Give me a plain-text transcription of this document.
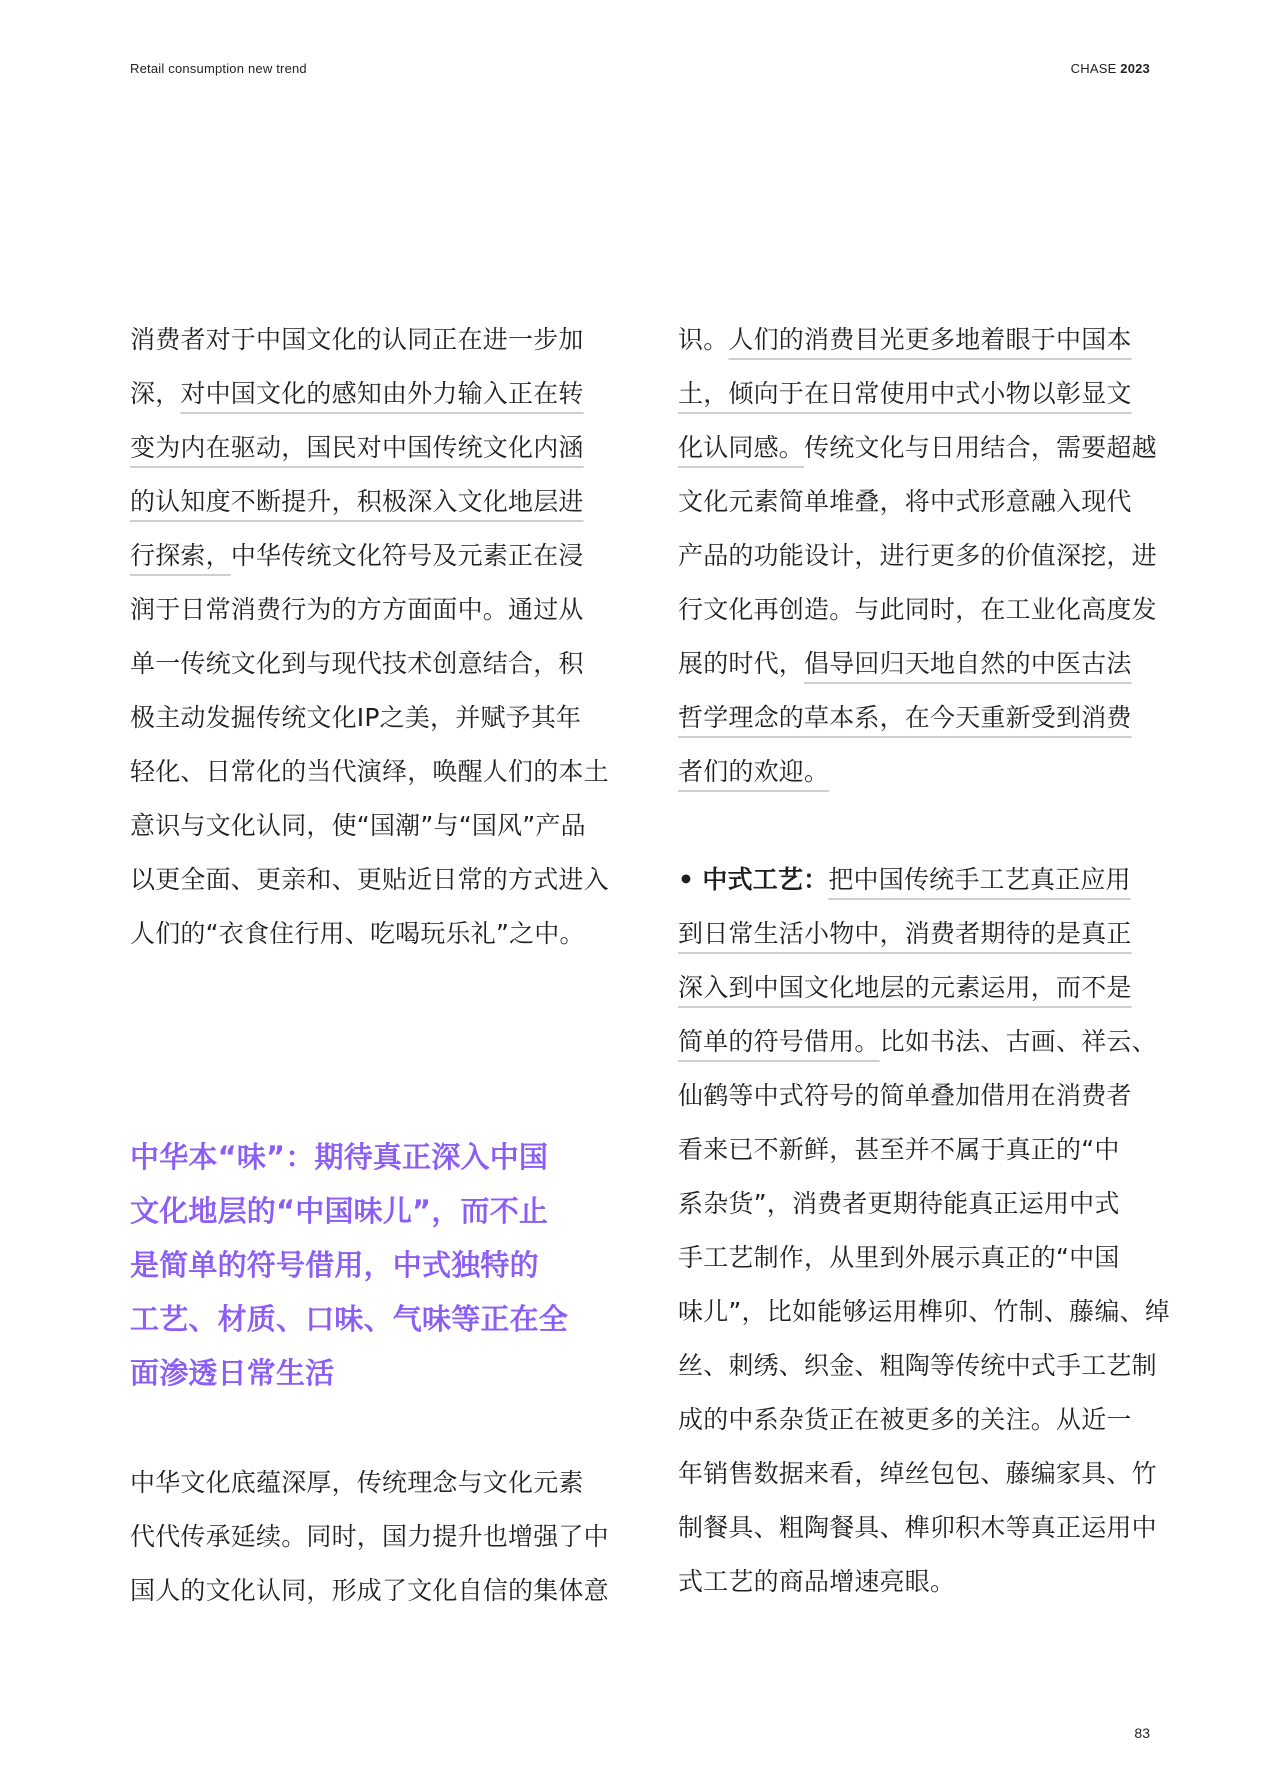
Retail consumption new trend	CHASE 2023
消费者对于中国文化的认同正在进一步加
深，对中国文化的感知由外力输入正在转
变为内在驱动，国民对中国传统文化内涵
的认知度不断提升，积极深入文化地层进
行探索，中华传统文化符号及元素正在浸
润于日常消费行为的方方面面中。通过从
单一传统文化到与现代技术创意结合，积
极主动发掘传统文化IP之美，并赋予其年
轻化、日常化的当代演绎，唤醒人们的本土
意识与文化认同，使“国潮”与“国风”产品
以更全面、更亲和、更贴近日常的方式进入
人们的“衣食住行用、吃喝玩乐礼”之中。
中华本“味”：期待真正深入中国
文化地层的“中国味儿”，而不止
是简单的符号借用，中式独特的
工艺、材质、口味、气味等正在全
面渗透日常生活
中华文化底蕴深厚，传统理念与文化元素
代代传承延续。同时，国力提升也增强了中
国人的文化认同，形成了文化自信的集体意
识。人们的消费目光更多地着眼于中国本
土，倾向于在日常使用中式小物以彰显文
化认同感。传统文化与日用结合，需要超越
文化元素简单堆叠，将中式形意融入现代
产品的功能设计，进行更多的价值深挖，进
行文化再创造。与此同时，在工业化高度发
展的时代，倡导回归天地自然的中医古法
哲学理念的草本系，在今天重新受到消费
者们的欢迎。
• 中式工艺：把中国传统手工艺真正应用
到日常生活小物中，消费者期待的是真正
深入到中国文化地层的元素运用，而不是
简单的符号借用。比如书法、古画、祥云、
仙鹤等中式符号的简单叠加借用在消费者
看来已不新鲜，甚至并不属于真正的“中
系杂货”，消费者更期待能真正运用中式
手工艺制作，从里到外展示真正的“中国
味儿”，比如能够运用榫卯、竹制、藤编、绰
丝、刺绣、织金、粗陶等传统中式手工艺制
成的中系杂货正在被更多的关注。从近一
年销售数据来看，绰丝包包、藤编家具、竹
制餐具、粗陶餐具、榫卯积木等真正运用中
式工艺的商品增速亮眼。
83
